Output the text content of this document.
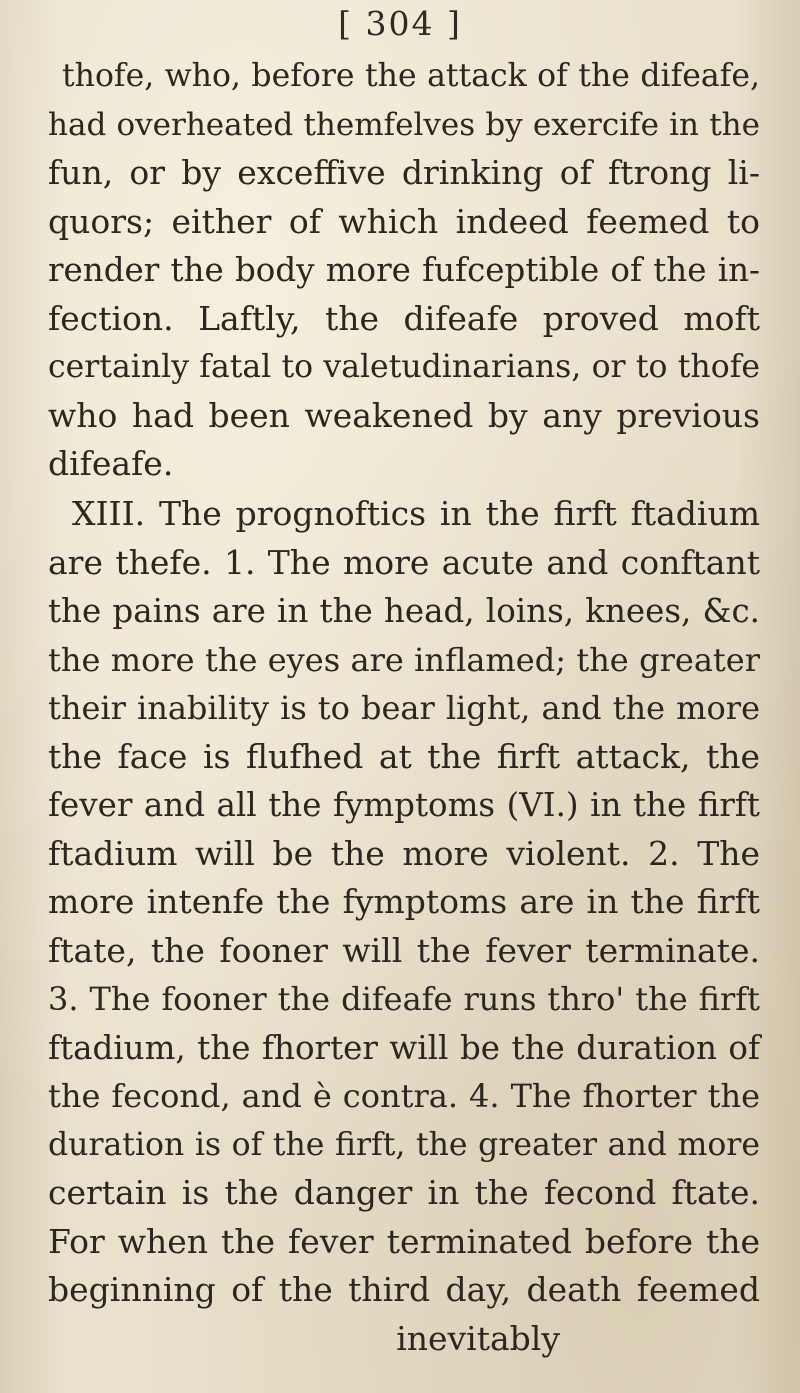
[ 304 ]
thofe, who, before the attack of the difeafe,
had overheated themfelves by exercife in the
fun, or by exceffive drinking of ftrong li-
quors; either of which indeed feemed to
render the body more fufceptible of the in-
fection. Laftly, the difeafe proved moft
certainly fatal to valetudinarians, or to thofe
who had been weakened by any previous
difeafe.
XIII. The prognoftics in the firft ftadium
are thefe. 1. The more acute and conftant
the pains are in the head, loins, knees, &c.
the more the eyes are inflamed; the greater
their inability is to bear light, and the more
the face is flufhed at the firft attack, the
fever and all the fymptoms (VI.) in the firft
ftadium will be the more violent. 2. The
more intenfe the fymptoms are in the firft
ftate, the fooner will the fever terminate.
3. The fooner the difeafe runs thro' the firft
ftadium, the fhorter will be the duration of
the fecond, and è contra. 4. The fhorter the
duration is of the firft, the greater and more
certain is the danger in the fecond ftate.
For when the fever terminated before the
beginning of the third day, death feemed
inevitably
